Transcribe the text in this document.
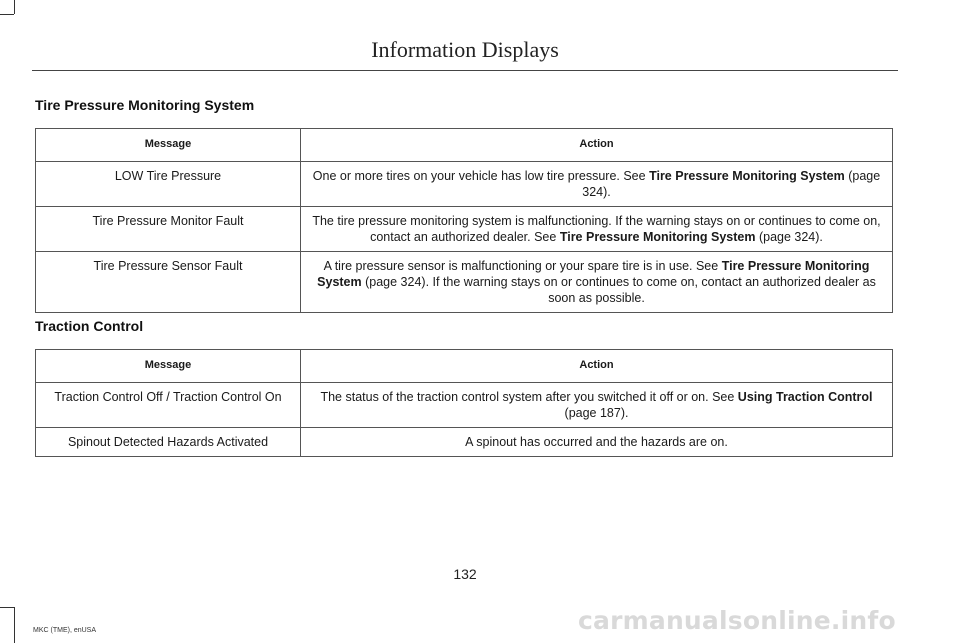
Information Displays
Tire Pressure Monitoring System
Message	Action
LOW Tire Pressure	One or more tires on your vehicle has low tire pressure. See Tire Pressure Monitoring System (page 324).
Tire Pressure Monitor Fault	The tire pressure monitoring system is malfunctioning. If the warning stays on or continues to come on, contact an authorized dealer. See Tire Pressure Monitoring System (page 324).
Tire Pressure Sensor Fault	A tire pressure sensor is malfunctioning or your spare tire is in use. See Tire Pressure Monitoring System (page 324). If the warning stays on or continues to come on, contact an authorized dealer as soon as possible.
Traction Control
Message	Action
Traction Control Off / Traction Control On	The status of the traction control system after you switched it off or on. See Using Traction Control (page 187).
Spinout Detected Hazards Activated	A spinout has occurred and the hazards are on.
132
MKC (TME), enUSA	carmanualsonline.info
